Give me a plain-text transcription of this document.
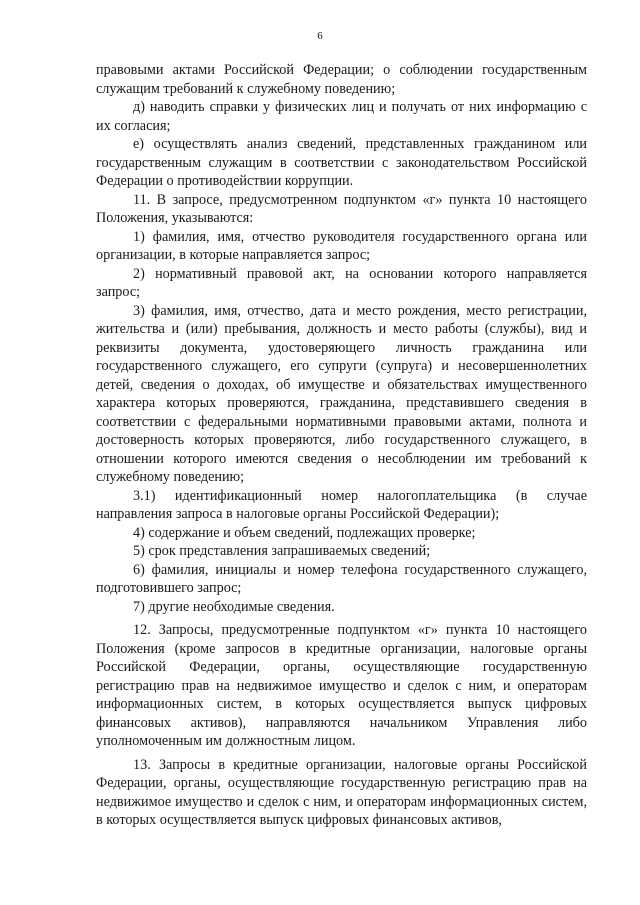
6

правовыми актами Российской Федерации; о соблюдении государственным служащим требований к служебному поведению;

д) наводить справки у физических лиц и получать от них информацию с их согласия;

е) осуществлять анализ сведений, представленных гражданином или государственным служащим в соответствии с законодательством Российской Федерации о противодействии коррупции.

11. В запросе, предусмотренном подпунктом «г» пункта 10 настоящего Положения, указываются:

1) фамилия, имя, отчество руководителя государственного органа или организации, в которые направляется запрос;

2) нормативный правовой акт, на основании которого направляется запрос;

3) фамилия, имя, отчество, дата и место рождения, место регистрации, жительства и (или) пребывания, должность и место работы (службы), вид и реквизиты документа, удостоверяющего личность гражданина или государственного служащего, его супруги (супруга) и несовершеннолетних детей, сведения о доходах, об имуществе и обязательствах имущественного характера которых проверяются, гражданина, представившего сведения в соответствии с федеральными нормативными правовыми актами, полнота и достоверность которых проверяются, либо государственного служащего, в отношении которого имеются сведения о несоблюдении им требований к служебному поведению;

3.1) идентификационный номер налогоплательщика (в случае направления запроса в налоговые органы Российской Федерации);

4) содержание и объем сведений, подлежащих проверке;

5) срок представления запрашиваемых сведений;

6) фамилия, инициалы и номер телефона государственного служащего, подготовившего запрос;

7) другие необходимые сведения.

12. Запросы, предусмотренные подпунктом «г» пункта 10 настоящего Положения (кроме запросов в кредитные организации, налоговые органы Российской Федерации, органы, осуществляющие государственную регистрацию прав на недвижимое имущество и сделок с ним, и операторам информационных систем, в которых осуществляется выпуск цифровых финансовых активов), направляются начальником Управления либо уполномоченным им должностным лицом.

13. Запросы в кредитные организации, налоговые органы Российской Федерации, органы, осуществляющие государственную регистрацию прав на недвижимое имущество и сделок с ним, и операторам информационных систем, в которых осуществляется выпуск цифровых финансовых активов,
